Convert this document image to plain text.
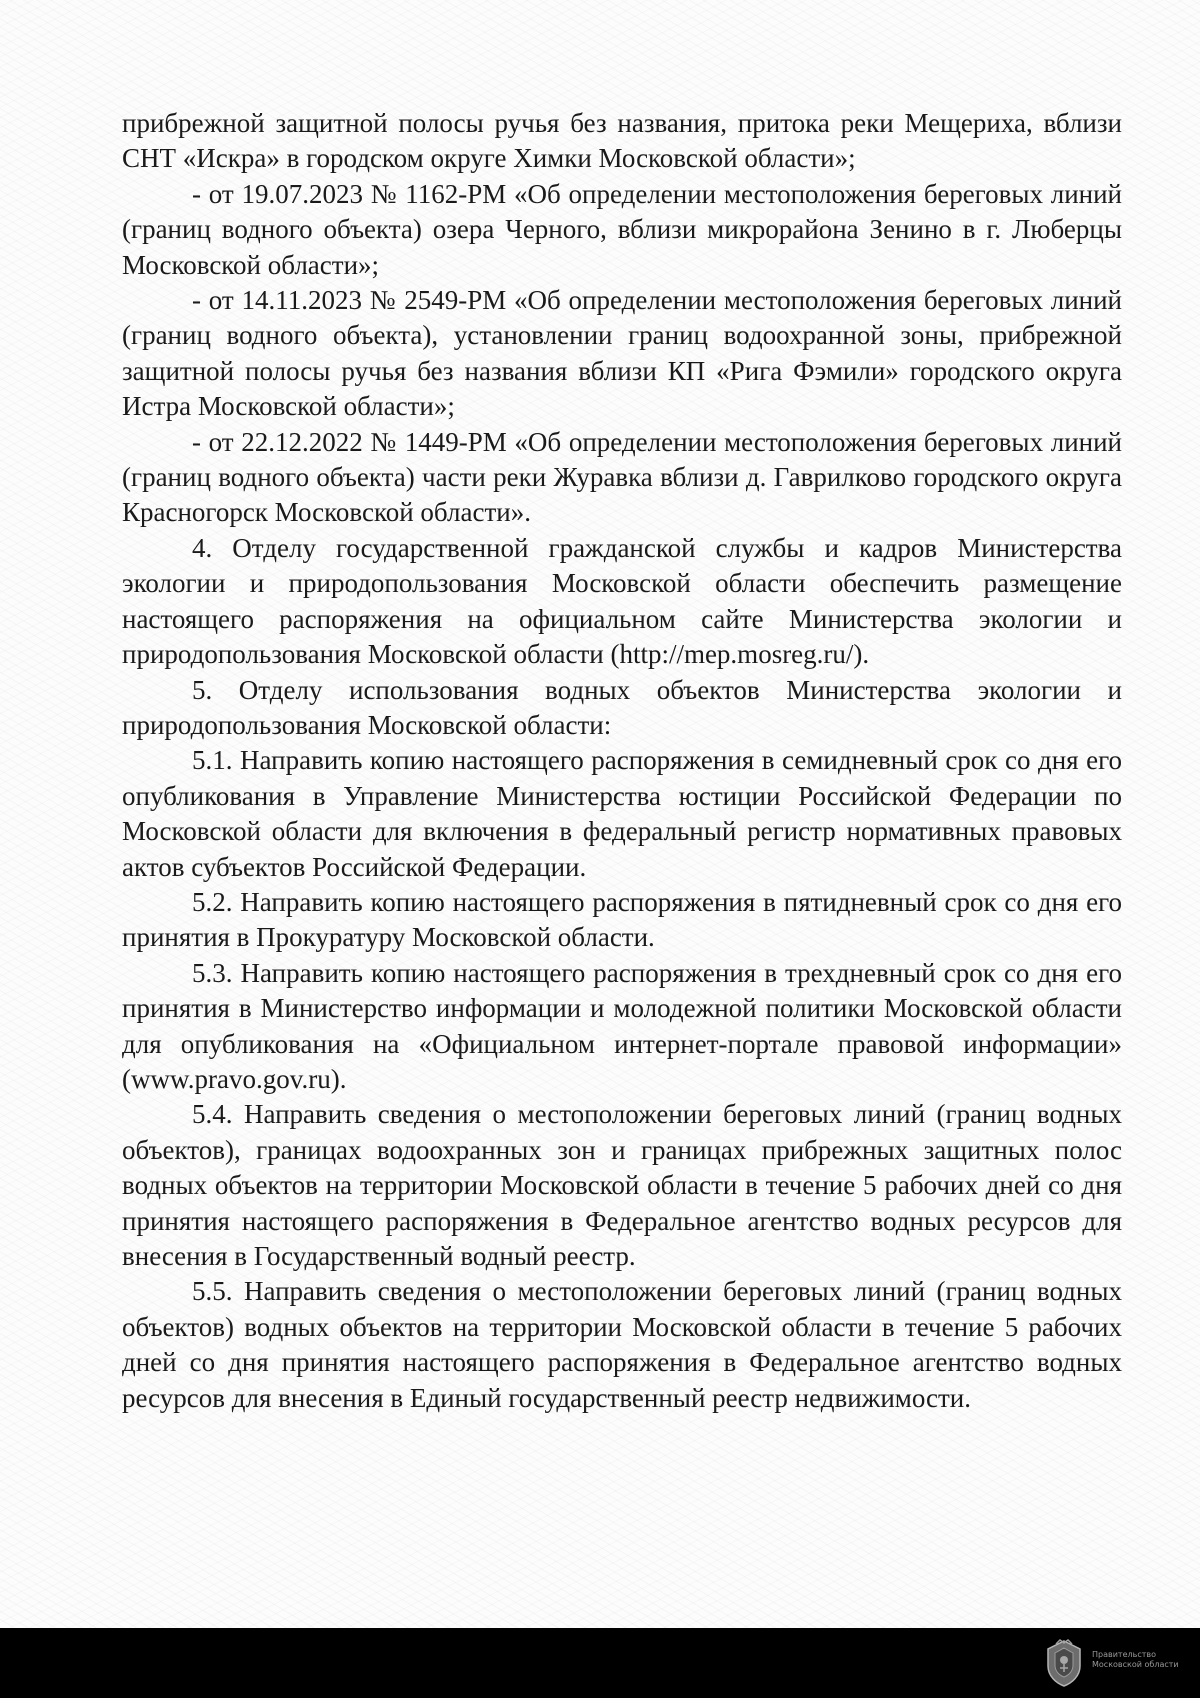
прибрежной защитной полосы ручья без названия, притока реки Мещериха, вблизи СНТ «Искра» в городском округе Химки Московской области»;

- от 19.07.2023 № 1162-РМ «Об определении местоположения береговых линий (границ водного объекта) озера Черного, вблизи микрорайона Зенино в г. Люберцы Московской области»;

- от 14.11.2023 № 2549-РМ «Об определении местоположения береговых линий (границ водного объекта), установлении границ водоохранной зоны, прибрежной защитной полосы ручья без названия вблизи КП «Рига Фэмили» городского округа Истра Московской области»;

- от 22.12.2022 № 1449-РМ «Об определении местоположения береговых линий (границ водного объекта) части реки Журавка вблизи д. Гаврилково городского округа Красногорск Московской области».

4. Отделу государственной гражданской службы и кадров Министерства экологии и природопользования Московской области обеспечить размещение настоящего распоряжения на официальном сайте Министерства экологии и природопользования Московской области (http://mep.mosreg.ru/).

5. Отделу использования водных объектов Министерства экологии и природопользования Московской области:

5.1. Направить копию настоящего распоряжения в семидневный срок со дня его опубликования в Управление Министерства юстиции Российской Федерации по Московской области для включения в федеральный регистр нормативных правовых актов субъектов Российской Федерации.

5.2. Направить копию настоящего распоряжения в пятидневный срок со дня его принятия в Прокуратуру Московской области.

5.3. Направить копию настоящего распоряжения в трехдневный срок со дня его принятия в Министерство информации и молодежной политики Московской области для опубликования на «Официальном интернет-портале правовой информации» (www.pravo.gov.ru).

5.4. Направить сведения о местоположении береговых линий (границ водных объектов), границах водоохранных зон и границах прибрежных защитных полос водных объектов на территории Московской области в течение 5 рабочих дней со дня принятия настоящего распоряжения в Федеральное агентство водных ресурсов для внесения в Государственный водный реестр.

5.5. Направить сведения о местоположении береговых линий (границ водных объектов) водных объектов на территории Московской области в течение 5 рабочих дней со дня принятия настоящего распоряжения в Федеральное агентство водных ресурсов для внесения в Единый государственный реестр недвижимости.

Правительство
Московской области
